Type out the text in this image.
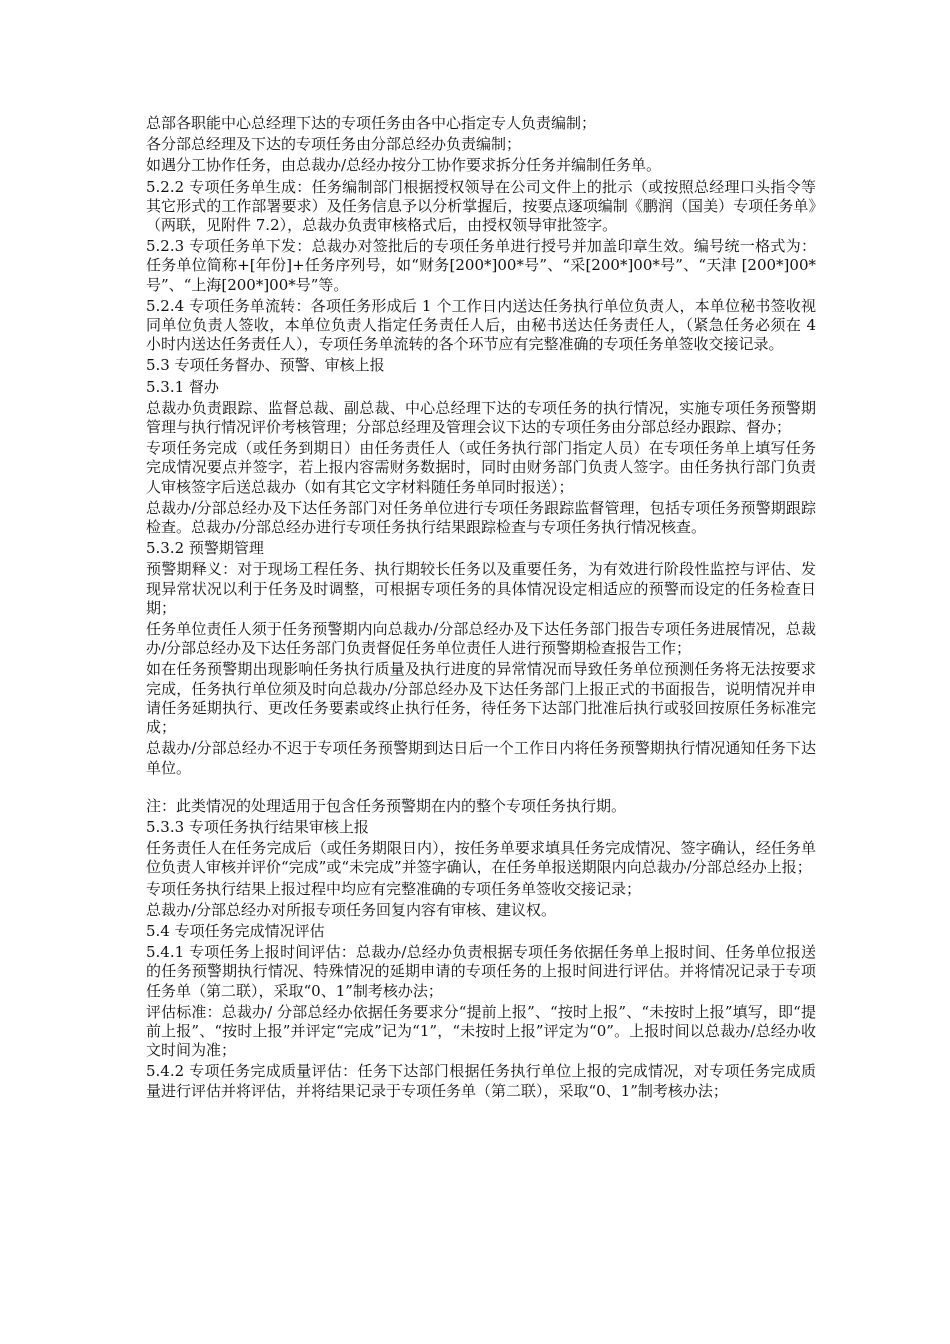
总部各职能中心总经理下达的专项任务由各中心指定专人负责编制；

各分部总经理及下达的专项任务由分部总经办负责编制；

如遇分工协作任务，由总裁办/总经办按分工协作要求拆分任务并编制任务单。

5.2.2 专项任务单生成：任务编制部门根据授权领导在公司文件上的批示（或按照总经理口头指令等其它形式的工作部署要求）及任务信息予以分析掌握后，按要点逐项编制《鹏润（国美）专项任务单》（两联，见附件 7.2），总裁办负责审核格式后，由授权领导审批签字。

5.2.3 专项任务单下发：总裁办对签批后的专项任务单进行授号并加盖印章生效。编号统一格式为：任务单位简称+[年份]+任务序列号，如“财务[200*]00*号”、“采[200*]00*号”、“天津 [200*]00*号”、“上海[200*]00*号”等。

5.2.4 专项任务单流转：各项任务形成后 1 个工作日内送达任务执行单位负责人，本单位秘书签收视同单位负责人签收，本单位负责人指定任务责任人后，由秘书送达任务责任人，（紧急任务必须在 4 小时内送达任务责任人），专项任务单流转的各个环节应有完整准确的专项任务单签收交接记录。

5.3 专项任务督办、预警、审核上报

5.3.1 督办

总裁办负责跟踪、监督总裁、副总裁、中心总经理下达的专项任务的执行情况，实施专项任务预警期管理与执行情况评价考核管理；分部总经理及管理会议下达的专项任务由分部总经办跟踪、督办；

专项任务完成（或任务到期日）由任务责任人（或任务执行部门指定人员）在专项任务单上填写任务完成情况要点并签字，若上报内容需财务数据时，同时由财务部门负责人签字。由任务执行部门负责人审核签字后送总裁办（如有其它文字材料随任务单同时报送）；

总裁办/分部总经办及下达任务部门对任务单位进行专项任务跟踪监督管理，包括专项任务预警期跟踪检查。总裁办/分部总经办进行专项任务执行结果跟踪检查与专项任务执行情况核查。

5.3.2 预警期管理

预警期释义：对于现场工程任务、执行期较长任务以及重要任务，为有效进行阶段性监控与评估、发现异常状况以利于任务及时调整，可根据专项任务的具体情况设定相适应的预警而设定的任务检查日期；

任务单位责任人须于任务预警期内向总裁办/分部总经办及下达任务部门报告专项任务进展情况，总裁办/分部总经办及下达任务部门负责督促任务单位责任人进行预警期检查报告工作；

如在任务预警期出现影响任务执行质量及执行进度的异常情况而导致任务单位预测任务将无法按要求完成，任务执行单位须及时向总裁办/分部总经办及下达任务部门上报正式的书面报告，说明情况并申请任务延期执行、更改任务要素或终止执行任务，待任务下达部门批准后执行或驳回按原任务标准完成；

总裁办/分部总经办不迟于专项任务预警期到达日后一个工作日内将任务预警期执行情况通知任务下达单位。

注：此类情况的处理适用于包含任务预警期在内的整个专项任务执行期。

5.3.3 专项任务执行结果审核上报

任务责任人在任务完成后（或任务期限日内），按任务单要求填具任务完成情况、签字确认，经任务单位负责人审核并评价“完成”或“未完成”并签字确认，在任务单报送期限内向总裁办/分部总经办上报；

专项任务执行结果上报过程中均应有完整准确的专项任务单签收交接记录；

总裁办/分部总经办对所报专项任务回复内容有审核、建议权。

5.4 专项任务完成情况评估

5.4.1 专项任务上报时间评估：总裁办/总经办负责根据专项任务依据任务单上报时间、任务单位报送的任务预警期执行情况、特殊情况的延期申请的专项任务的上报时间进行评估。并将情况记录于专项任务单（第二联），采取“0、1”制考核办法；

评估标准：总裁办/ 分部总经办依据任务要求分“提前上报”、“按时上报”、“未按时上报”填写，即“提前上报”、“按时上报”并评定“完成”记为“1”，“未按时上报”评定为“0”。上报时间以总裁办/总经办收文时间为准；

5.4.2 专项任务完成质量评估：任务下达部门根据任务执行单位上报的完成情况，对专项任务完成质量进行评估并将评估，并将结果记录于专项任务单（第二联），采取“0、1”制考核办法；
